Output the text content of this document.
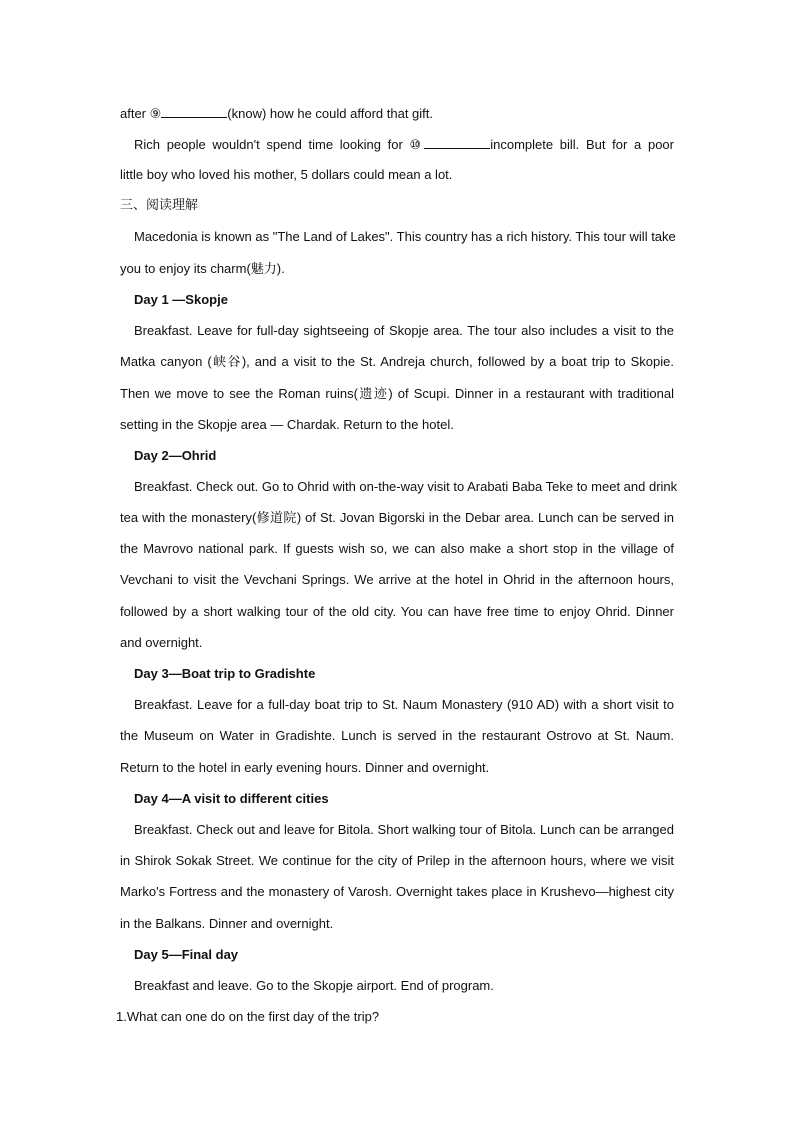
after ⑨	(know) how he could afford that gift.
Rich people wouldn't spend time looking for ⑩	incomplete bill. But for a poor
little boy who loved his mother, 5 dollars could mean a lot.
三、阅读理解
Macedonia is known as "The Land of Lakes". This country has a rich history. This tour will take
you to enjoy its charm(魅力).
Day 1 —Skopje
Breakfast. Leave for full-day sightseeing of Skopje area. The tour also includes a visit to the
Matka canyon (峡谷), and a visit to the St. Andreja church, followed by a boat trip to Skopie.
Then we move to see the Roman ruins(遗迹) of Scupi. Dinner in a restaurant with traditional
setting in the Skopje area — Chardak. Return to the hotel.
Day 2—Ohrid
Breakfast. Check out. Go to Ohrid with on-the-way visit to Arabati Baba Teke to meet and drink
tea with the monastery(修道院) of St. Jovan Bigorski in the Debar area. Lunch can be served in
the Mavrovo national park. If guests wish so, we can also make a short stop in the village of
Vevchani to visit the Vevchani Springs. We arrive at the hotel in Ohrid in the afternoon hours,
followed by a short walking tour of the old city. You can have free time to enjoy Ohrid. Dinner
and overnight.
Day 3—Boat trip to Gradishte
Breakfast. Leave for a full-day boat trip to St. Naum Monastery (910 AD) with a short visit to
the Museum on Water in Gradishte. Lunch is served in the restaurant Ostrovo at St. Naum.
Return to the hotel in early evening hours. Dinner and overnight.
Day 4—A visit to different cities
Breakfast. Check out and leave for Bitola. Short walking tour of Bitola. Lunch can be arranged
in Shirok Sokak Street. We continue for the city of Prilep in the afternoon hours, where we visit
Marko's Fortress and the monastery of Varosh. Overnight takes place in Krushevo—highest city
in the Balkans. Dinner and overnight.
Day 5—Final day
Breakfast and leave. Go to the Skopje airport. End of program.
1.What can one do on the first day of the trip?
